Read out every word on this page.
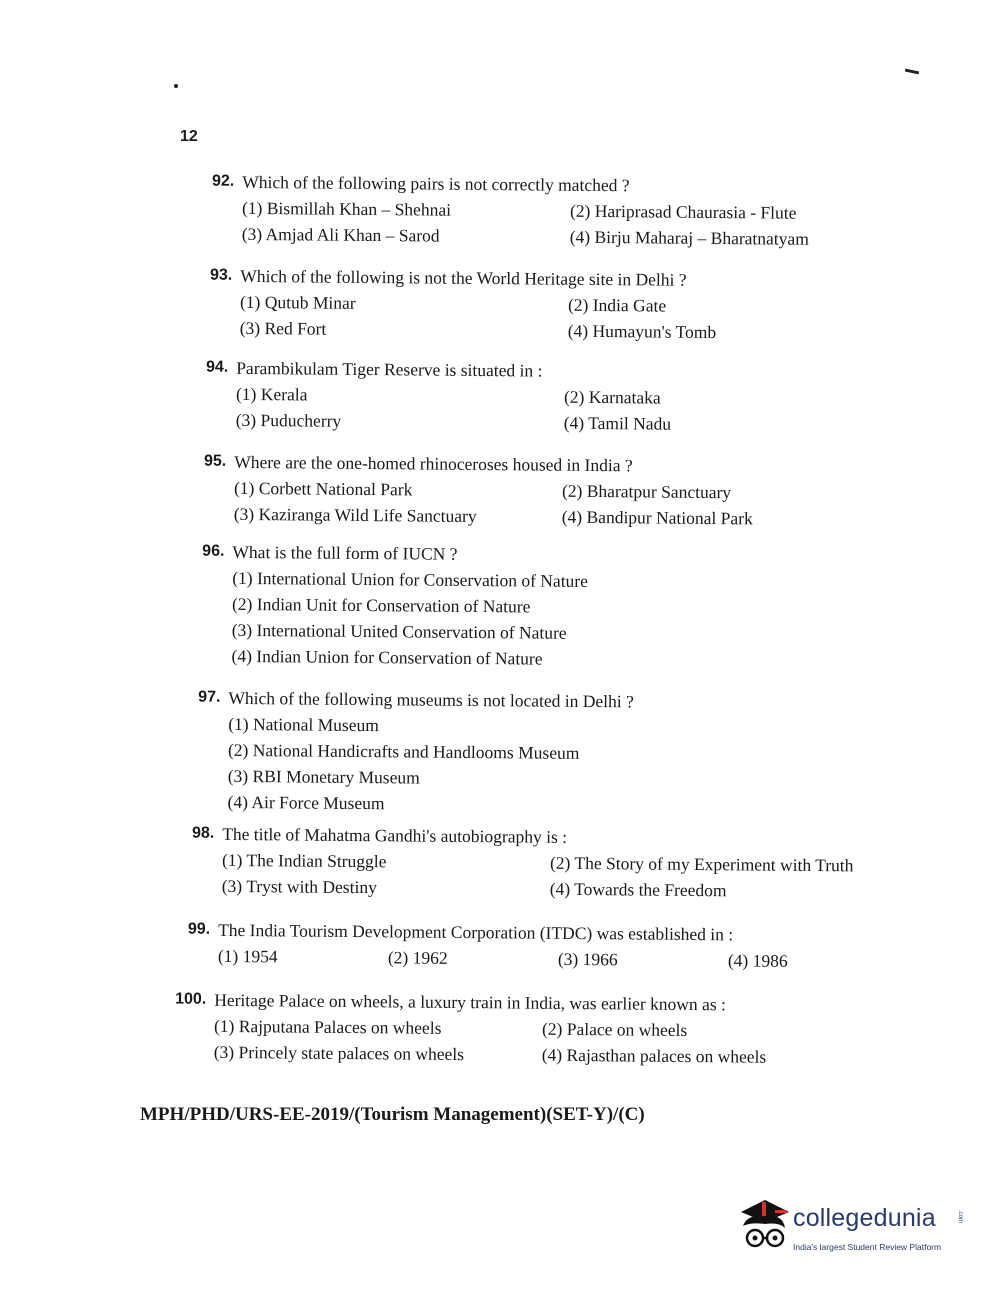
12
92. Which of the following pairs is not correctly matched ?
(1) Bismillah Khan – Shehnai	(2) Hariprasad Chaurasia - Flute
(3) Amjad Ali Khan – Sarod	(4) Birju Maharaj – Bharatnatyam
93. Which of the following is not the World Heritage site in Delhi ?
(1) Qutub Minar	(2) India Gate
(3) Red Fort	(4) Humayun's Tomb
94. Parambikulam Tiger Reserve is situated in :
(1) Kerala	(2) Karnataka
(3) Puducherry	(4) Tamil Nadu
95. Where are the one-homed rhinoceroses housed in India ?
(1) Corbett National Park	(2) Bharatpur Sanctuary
(3) Kaziranga Wild Life Sanctuary	(4) Bandipur National Park
96. What is the full form of IUCN ?
(1) International Union for Conservation of Nature
(2) Indian Unit for Conservation of Nature
(3) International United Conservation of Nature
(4) Indian Union for Conservation of Nature
97. Which of the following museums is not located in Delhi ?
(1) National Museum
(2) National Handicrafts and Handlooms Museum
(3) RBI Monetary Museum
(4) Air Force Museum
98. The title of Mahatma Gandhi's autobiography is :
(1) The Indian Struggle	(2) The Story of my Experiment with Truth
(3) Tryst with Destiny	(4) Towards the Freedom
99. The India Tourism Development Corporation (ITDC) was established in :
(1) 1954	(2) 1962	(3) 1966	(4) 1986
100. Heritage Palace on wheels, a luxury train in India, was earlier known as :
(1) Rajputana Palaces on wheels	(2) Palace on wheels
(3) Princely state palaces on wheels	(4) Rajasthan palaces on wheels
MPH/PHD/URS-EE-2019/(Tourism Management)(SET-Y)/(C)
collegedunia	.com
India's largest Student Review Platform
